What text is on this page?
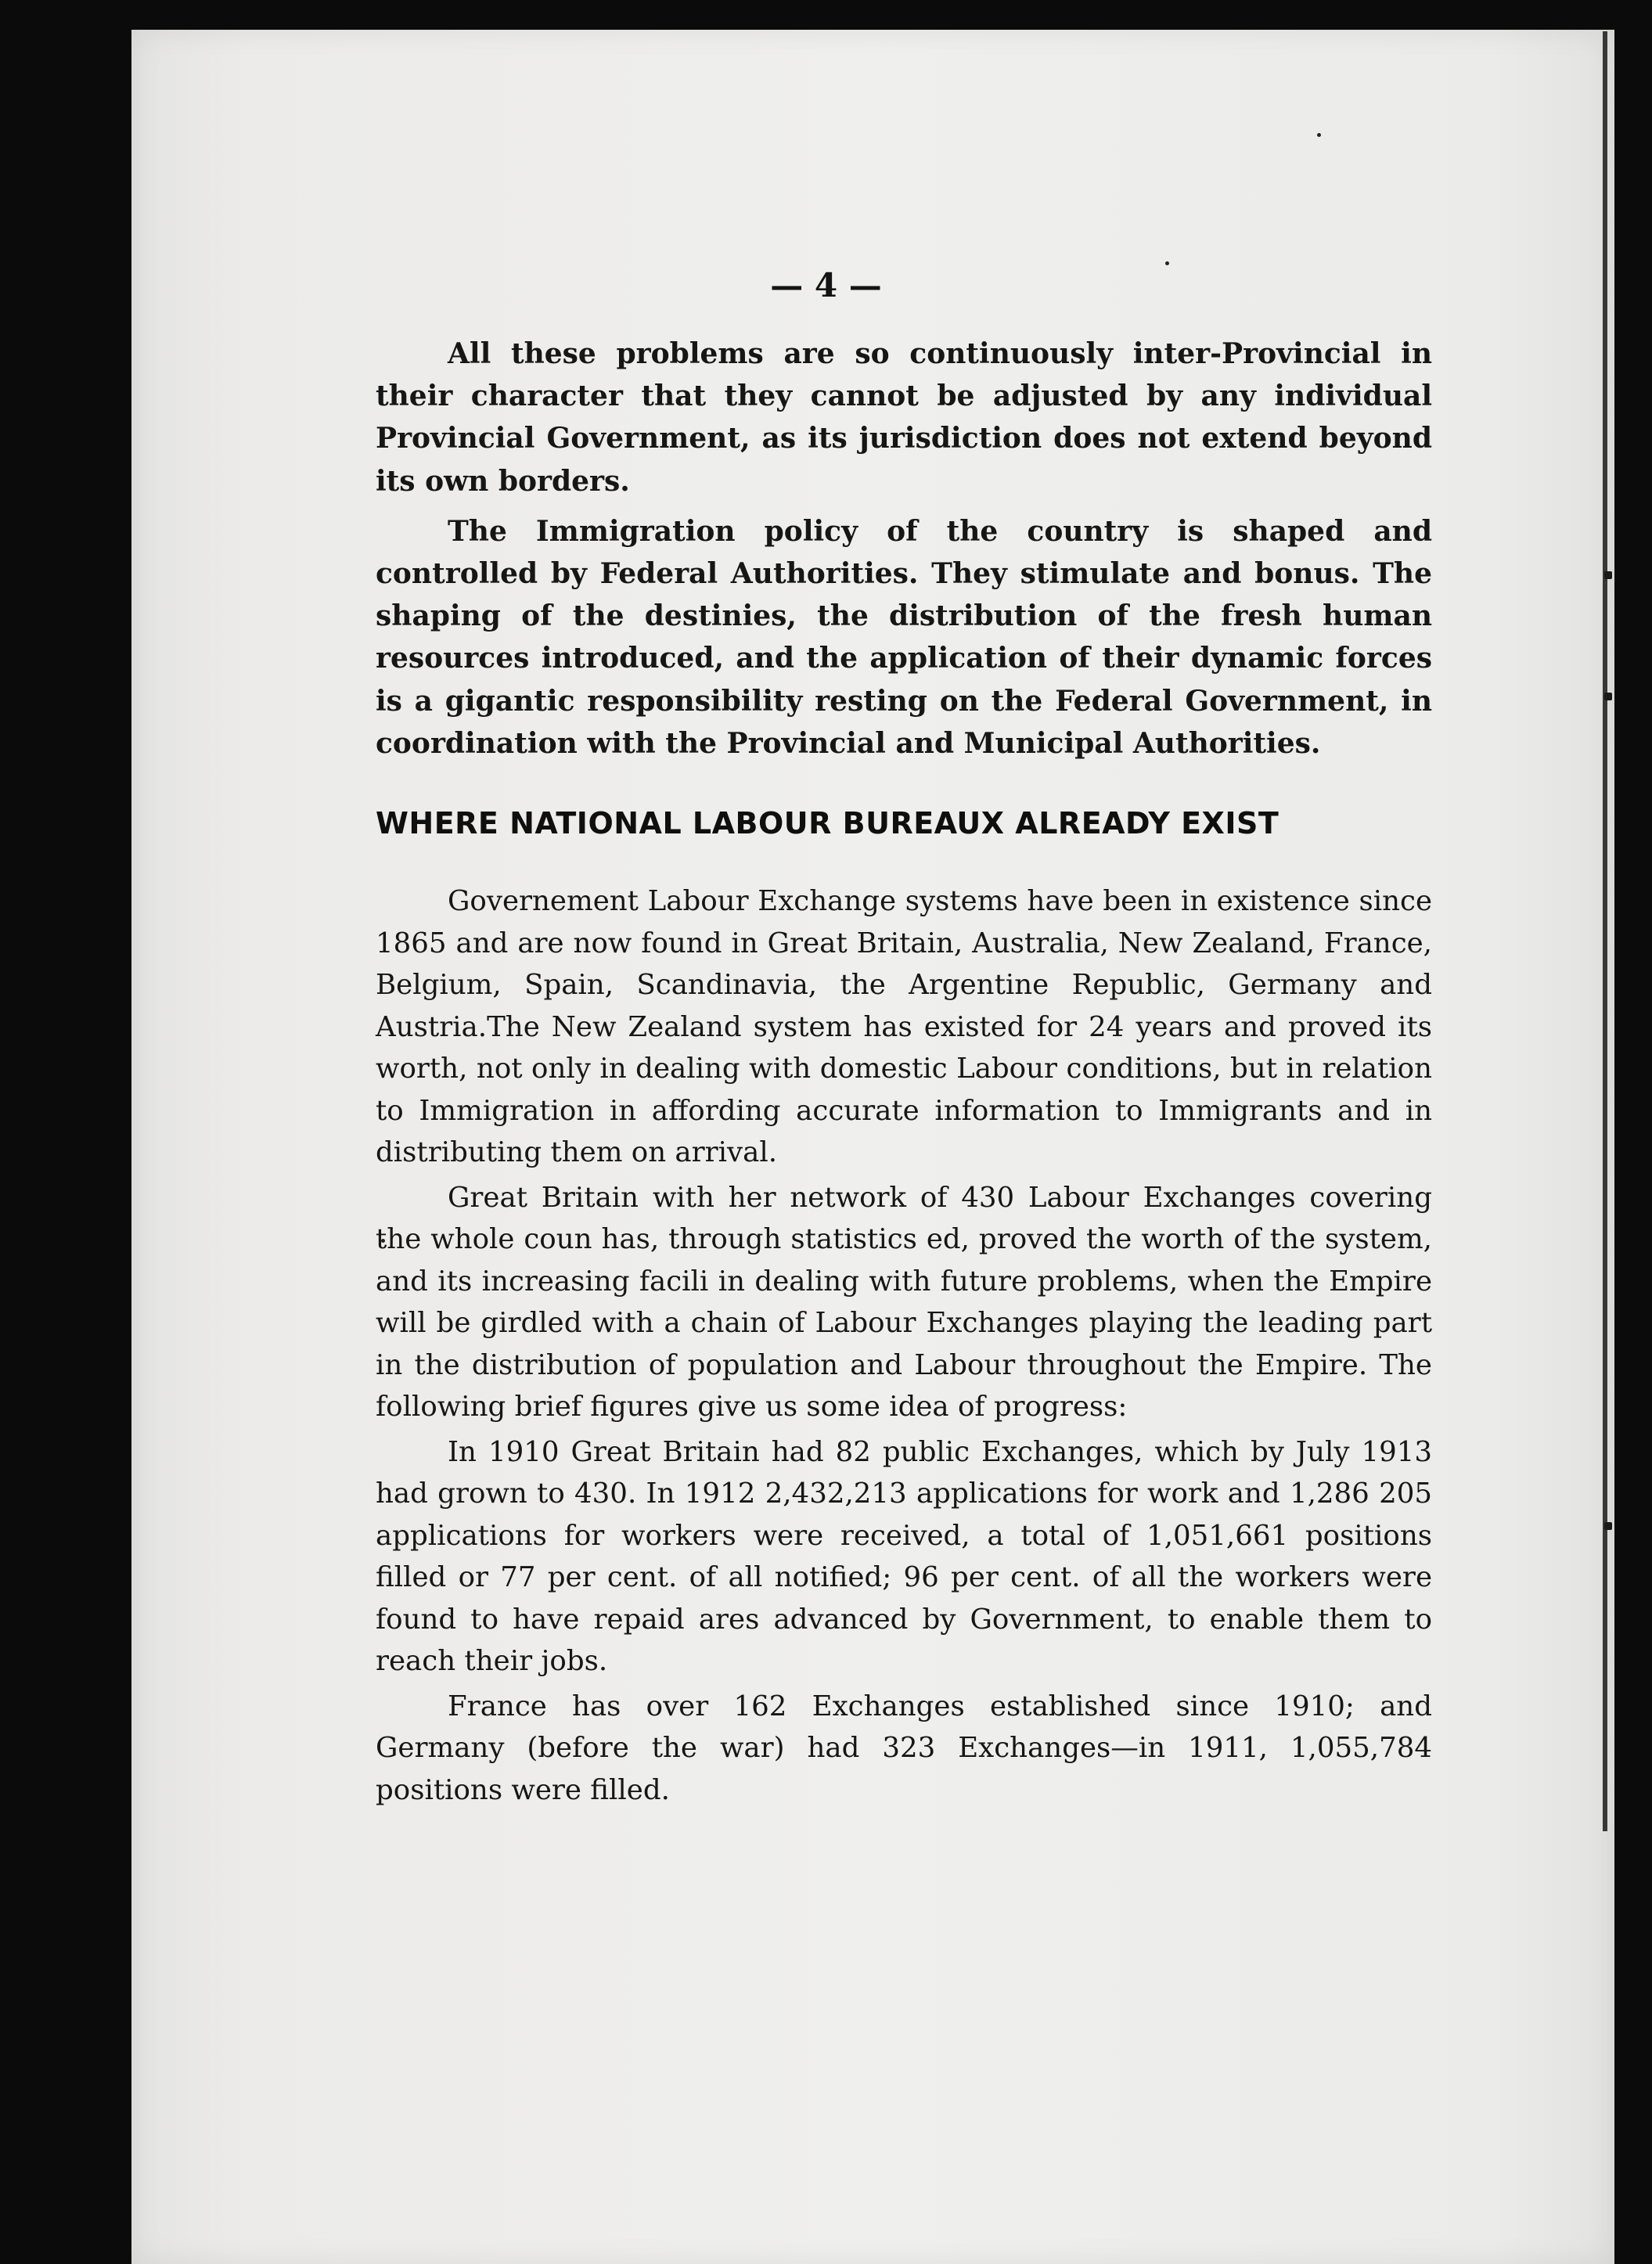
— 4 —

All these problems are so continuously inter-Provincial in their character that they cannot be adjusted by any individual Provincial Government, as its jurisdiction does not extend beyond its own borders.

The Immigration policy of the country is shaped and controlled by Federal Authorities. They stimulate and bonus. The shaping of the destinies, the distribution of the fresh human resources introduced, and the application of their dynamic forces is a gigantic responsibility resting on the Federal Government, in coordination with the Provincial and Municipal Authorities.

WHERE NATIONAL LABOUR BUREAUX ALREADY EXIST

Governement Labour Exchange systems have been in existence since 1865 and are now found in Great Britain, Australia, New Zealand, France, Belgium, Spain, Scandinavia, the Argentine Republic, Germany and Austria.The New Zealand system has existed for 24 years and proved its worth, not only in dealing with domestic Labour conditions, but in relation to Immigration in affording accurate information to Immigrants and in distributing them on arrival.

Great Britain with her network of 430 Labour Exchanges covering the whole coun has, through statistics ed, proved the worth of the system, and its increasing facili in dealing with future problems, when the Empire will be girdled with a chain of Labour Exchanges playing the leading part in the distribution of population and Labour throughout the Empire. The following brief figures give us some idea of progress:

In 1910 Great Britain had 82 public Exchanges, which by July 1913 had grown to 430. In 1912 2,432,213 applications for work and 1,286 205 applications for workers were received, a total of 1,051,661 positions filled or 77 per cent. of all notified; 96 per cent. of all the workers were found to have repaid ares advanced by Government, to enable them to reach their jobs.

France has over 162 Exchanges established since 1910; and Germany (before the war) had 323 Exchanges—in 1911, 1,055,784 positions were filled.
